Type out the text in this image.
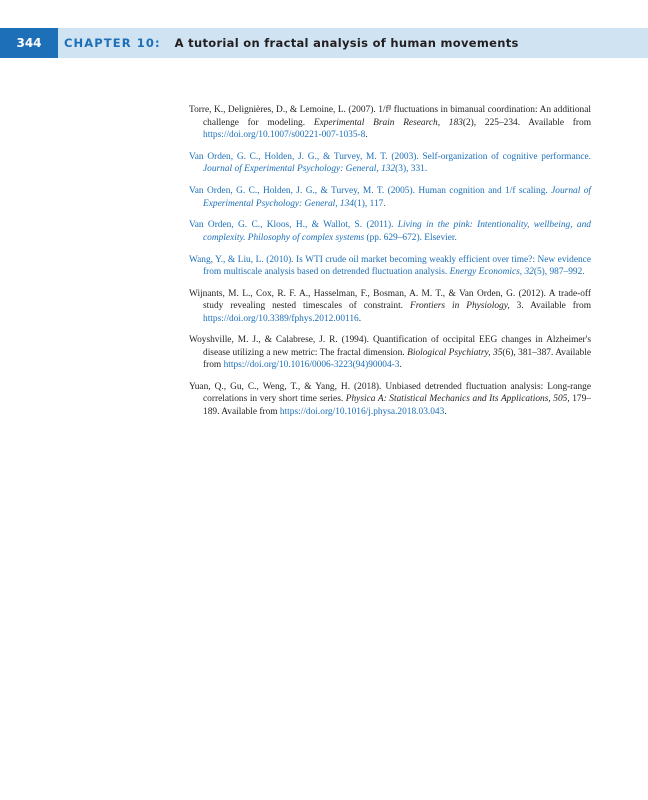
344	CHAPTER 10: A tutorial on fractal analysis of human movements

Torre, K., Delignières, D., & Lemoine, L. (2007). 1/fᵝ fluctuations in bimanual coordination: An additional challenge for modeling. Experimental Brain Research, 183(2), 225–234. Available from https://doi.org/10.1007/s00221-007-1035-8.

Van Orden, G. C., Holden, J. G., & Turvey, M. T. (2003). Self-organization of cognitive performance. Journal of Experimental Psychology: General, 132(3), 331.

Van Orden, G. C., Holden, J. G., & Turvey, M. T. (2005). Human cognition and 1/f scaling. Journal of Experimental Psychology: General, 134(1), 117.

Van Orden, G. C., Kloos, H., & Wallot, S. (2011). Living in the pink: Intentionality, wellbeing, and complexity. Philosophy of complex systems (pp. 629–672). Elsevier.

Wang, Y., & Liu, L. (2010). Is WTI crude oil market becoming weakly efficient over time?: New evidence from multiscale analysis based on detrended fluctuation analysis. Energy Economics, 32(5), 987–992.

Wijnants, M. L., Cox, R. F. A., Hasselman, F., Bosman, A. M. T., & Van Orden, G. (2012). A trade-off study revealing nested timescales of constraint. Frontiers in Physiology, 3. Available from https://doi.org/10.3389/fphys.2012.00116.

Woyshville, M. J., & Calabrese, J. R. (1994). Quantification of occipital EEG changes in Alzheimer's disease utilizing a new metric: The fractal dimension. Biological Psychiatry, 35(6), 381–387. Available from https://doi.org/10.1016/0006-3223(94)90004-3.

Yuan, Q., Gu, C., Weng, T., & Yang, H. (2018). Unbiased detrended fluctuation analysis: Long-range correlations in very short time series. Physica A: Statistical Mechanics and Its Applications, 505, 179–189. Available from https://doi.org/10.1016/j.physa.2018.03.043.
